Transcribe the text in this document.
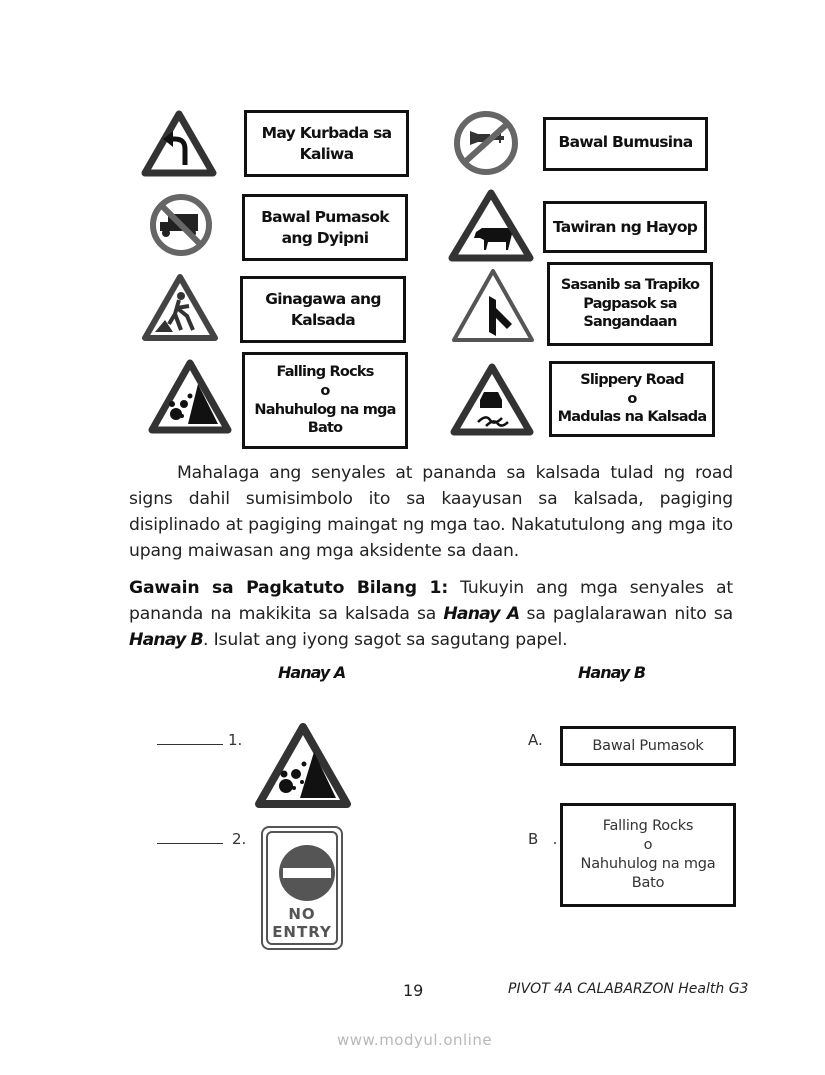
May Kurbada sa
Kaliwa
Bawal Pumasok
ang Dyipni
Ginagawa ang
Kalsada
Falling Rocks
o
Nahuhulog na mga
Bato
Bawal Bumusina
Tawiran ng Hayop
Sasanib sa Trapiko
Pagpasok sa
Sangandaan
Slippery Road
o
Madulas na Kalsada

Mahalaga ang senyales at pananda sa kalsada tulad ng road signs dahil sumisimbolo ito sa kaayusan sa kalsada, pagiging disiplinado at pagiging maingat ng mga tao. Nakatutulong ang mga ito upang maiwasan ang mga aksidente sa daan.

Gawain sa Pagkatuto Bilang 1: Tukuyin ang mga senyales at pananda na makikita sa kalsada sa Hanay A sa paglalarawan nito sa Hanay B. Isulat ang iyong sagot sa sagutang papel.

Hanay A	Hanay B
1.
2.
NO
ENTRY
A.	Bawal Pumasok
B   .
Falling Rocks
o
Nahuhulog na mga
Bato
19	PIVOT 4A CALABARZON Health G3
www.modyul.online
